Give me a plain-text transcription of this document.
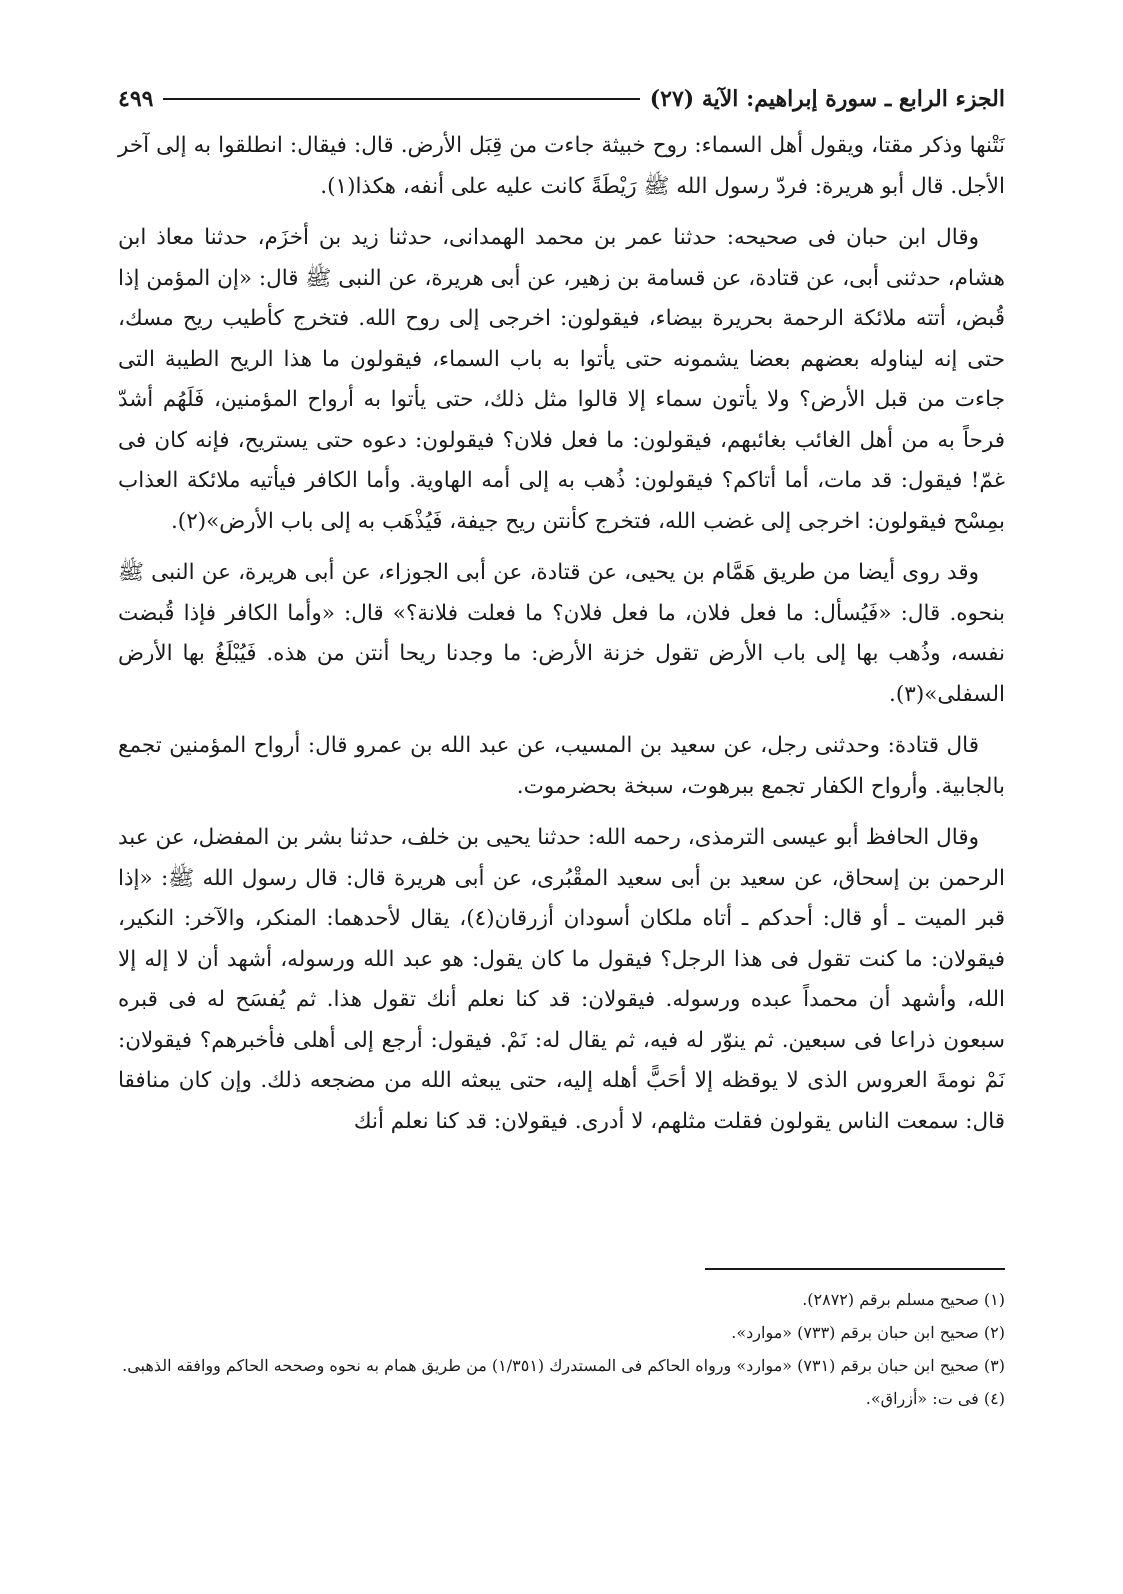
الجزء الرابع ـ سورة إبراهيم: الآية (٢٧)
٤٩٩

نَتْنها وذكر مقتا، ويقول أهل السماء: روح خبيثة جاءت من قِبَل الأرض. قال: فيقال: انطلقوا به إلى آخر الأجل. قال أبو هريرة: فردّ رسول الله ﷺ رَيْطَةً كانت عليه على أنفه، هكذا(١).

وقال ابن حبان فى صحيحه: حدثنا عمر بن محمد الهمدانى، حدثنا زيد بن أخزَم، حدثنا معاذ ابن هشام، حدثنى أبى، عن قتادة، عن قسامة بن زهير، عن أبى هريرة، عن النبى ﷺ قال: «إن المؤمن إذا قُبض، أتته ملائكة الرحمة بحريرة بيضاء، فيقولون: اخرجى إلى روح الله. فتخرج كأطيب ريح مسك، حتى إنه ليناوله بعضهم بعضا يشمونه حتى يأتوا به باب السماء، فيقولون ما هذا الريح الطيبة التى جاءت من قبل الأرض؟ ولا يأتون سماء إلا قالوا مثل ذلك، حتى يأتوا به أرواح المؤمنين، فَلَهُم أشدّ فرحاً به من أهل الغائب بغائبهم، فيقولون: ما فعل فلان؟ فيقولون: دعوه حتى يستريح، فإنه كان فى غمّ! فيقول: قد مات، أما أتاكم؟ فيقولون: ذُهب به إلى أمه الهاوية. وأما الكافر فيأتيه ملائكة العذاب بمِسْح فيقولون: اخرجى إلى غضب الله، فتخرج كأنتن ريح جيفة، فَيُذْهَب به إلى باب الأرض»(٢).

وقد روى أيضا من طريق هَمَّام بن يحيى، عن قتادة، عن أبى الجوزاء، عن أبى هريرة، عن النبى ﷺ بنحوه. قال: «فَيُسأل: ما فعل فلان، ما فعل فلان؟ ما فعلت فلانة؟» قال: «وأما الكافر فإذا قُبضت نفسه، وذُهب بها إلى باب الأرض تقول خزنة الأرض: ما وجدنا ريحا أنتن من هذه. فَيُبْلَغُ بها الأرض السفلى»(٣).

قال قتادة: وحدثنى رجل، عن سعيد بن المسيب، عن عبد الله بن عمرو قال: أرواح المؤمنين تجمع بالجابية. وأرواح الكفار تجمع ببرهوت، سبخة بحضرموت.

وقال الحافظ أبو عيسى الترمذى، رحمه الله: حدثنا يحيى بن خلف، حدثنا بشر بن المفضل، عن عبد الرحمن بن إسحاق، عن سعيد بن أبى سعيد المقْبُرى، عن أبى هريرة قال: قال رسول الله ﷺ: «إذا قبر الميت ـ أو قال: أحدكم ـ أتاه ملكان أسودان أزرقان(٤)، يقال لأحدهما: المنكر، والآخر: النكير، فيقولان: ما كنت تقول فى هذا الرجل؟ فيقول ما كان يقول: هو عبد الله ورسوله، أشهد أن لا إله إلا الله، وأشهد أن محمداً عبده ورسوله. فيقولان: قد كنا نعلم أنك تقول هذا. ثم يُفسَح له فى قبره سبعون ذراعا فى سبعين. ثم ينوّر له فيه، ثم يقال له: نَمْ. فيقول: أرجع إلى أهلى فأخبرهم؟ فيقولان: نَمْ نومةَ العروس الذى لا يوقظه إلا أحَبًّ أهله إليه، حتى يبعثه الله من مضجعه ذلك. وإن كان منافقا قال: سمعت الناس يقولون فقلت مثلهم، لا أدرى. فيقولان: قد كنا نعلم أنك

(١) صحيح مسلم برقم (٢٨٧٢).

(٢) صحيح ابن حبان برقم (٧٣٣) «موارد».

(٣) صحيح ابن حبان برقم (٧٣١) «موارد» ورواه الحاكم فى المستدرك (١/٣٥١) من طريق همام به نحوه وصححه الحاكم ووافقه الذهبى.

(٤) فى ت: «أزراق».
